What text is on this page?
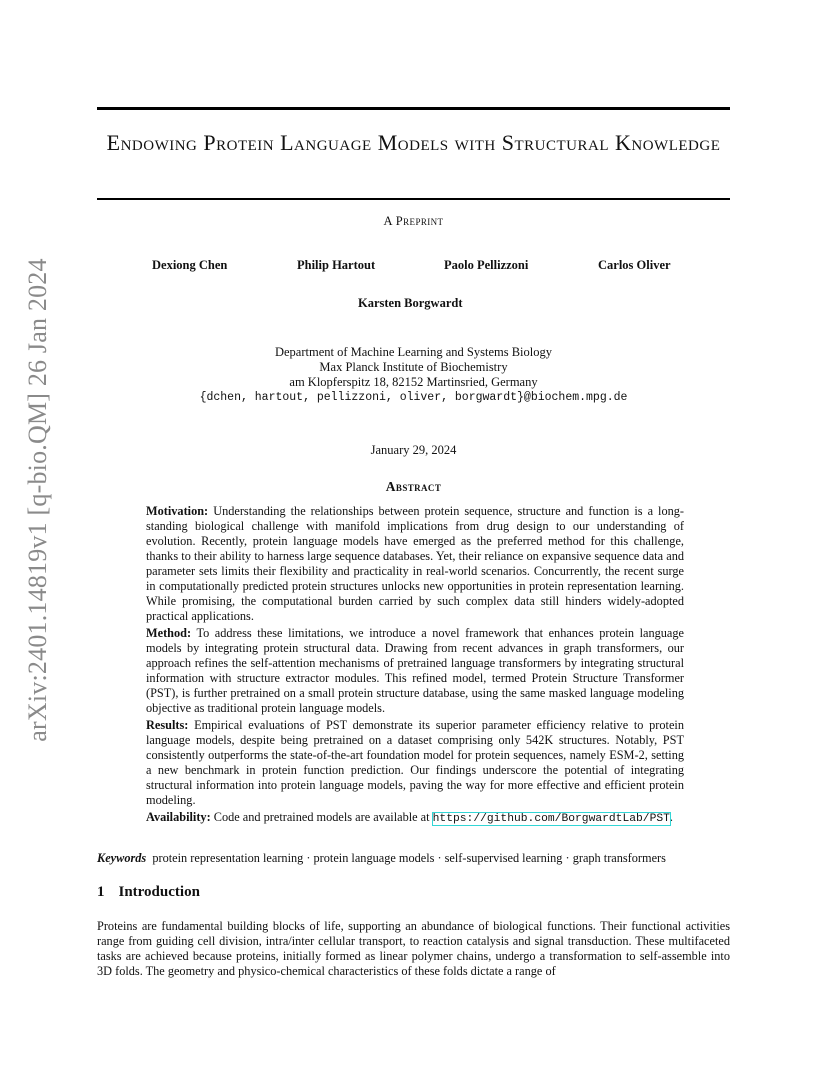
arXiv:2401.14819v1 [q-bio.QM] 26 Jan 2024
Endowing Protein Language Models with Structural Knowledge
A Preprint
Dexiong Chen	Philip Hartout	Paolo Pellizzoni	Carlos Oliver
Karsten Borgwardt
Department of Machine Learning and Systems Biology
Max Planck Institute of Biochemistry
am Klopferspitz 18, 82152 Martinsried, Germany
{dchen, hartout, pellizzoni, oliver, borgwardt}@biochem.mpg.de
January 29, 2024
Abstract

Motivation: Understanding the relationships between protein sequence, structure and function is a long-standing biological challenge with manifold implications from drug design to our understanding of evolution. Recently, protein language models have emerged as the preferred method for this challenge, thanks to their ability to harness large sequence databases. Yet, their reliance on expansive sequence data and parameter sets limits their flexibility and practicality in real-world scenarios. Concurrently, the recent surge in computationally predicted protein structures unlocks new opportunities in protein representation learning. While promising, the computational burden carried by such complex data still hinders widely-adopted practical applications.

Method: To address these limitations, we introduce a novel framework that enhances protein language models by integrating protein structural data. Drawing from recent advances in graph transformers, our approach refines the self-attention mechanisms of pretrained language transformers by integrating structural information with structure extractor modules. This refined model, termed Protein Structure Transformer (PST), is further pretrained on a small protein structure database, using the same masked language modeling objective as traditional protein language models.

Results: Empirical evaluations of PST demonstrate its superior parameter efficiency relative to protein language models, despite being pretrained on a dataset comprising only 542K structures. Notably, PST consistently outperforms the state-of-the-art foundation model for protein sequences, namely ESM-2, setting a new benchmark in protein function prediction. Our findings underscore the potential of integrating structural information into protein language models, paving the way for more effective and efficient protein modeling.

Availability: Code and pretrained models are available at https://github.com/BorgwardtLab/PST.

Keywords protein representation learning · protein language models · self-supervised learning · graph transformers
1 Introduction

Proteins are fundamental building blocks of life, supporting an abundance of biological functions. Their functional activities range from guiding cell division, intra/inter cellular transport, to reaction catalysis and signal transduction. These multifaceted tasks are achieved because proteins, initially formed as linear polymer chains, undergo a transformation to self-assemble into 3D folds. The geometry and physico-chemical characteristics of these folds dictate a range of
